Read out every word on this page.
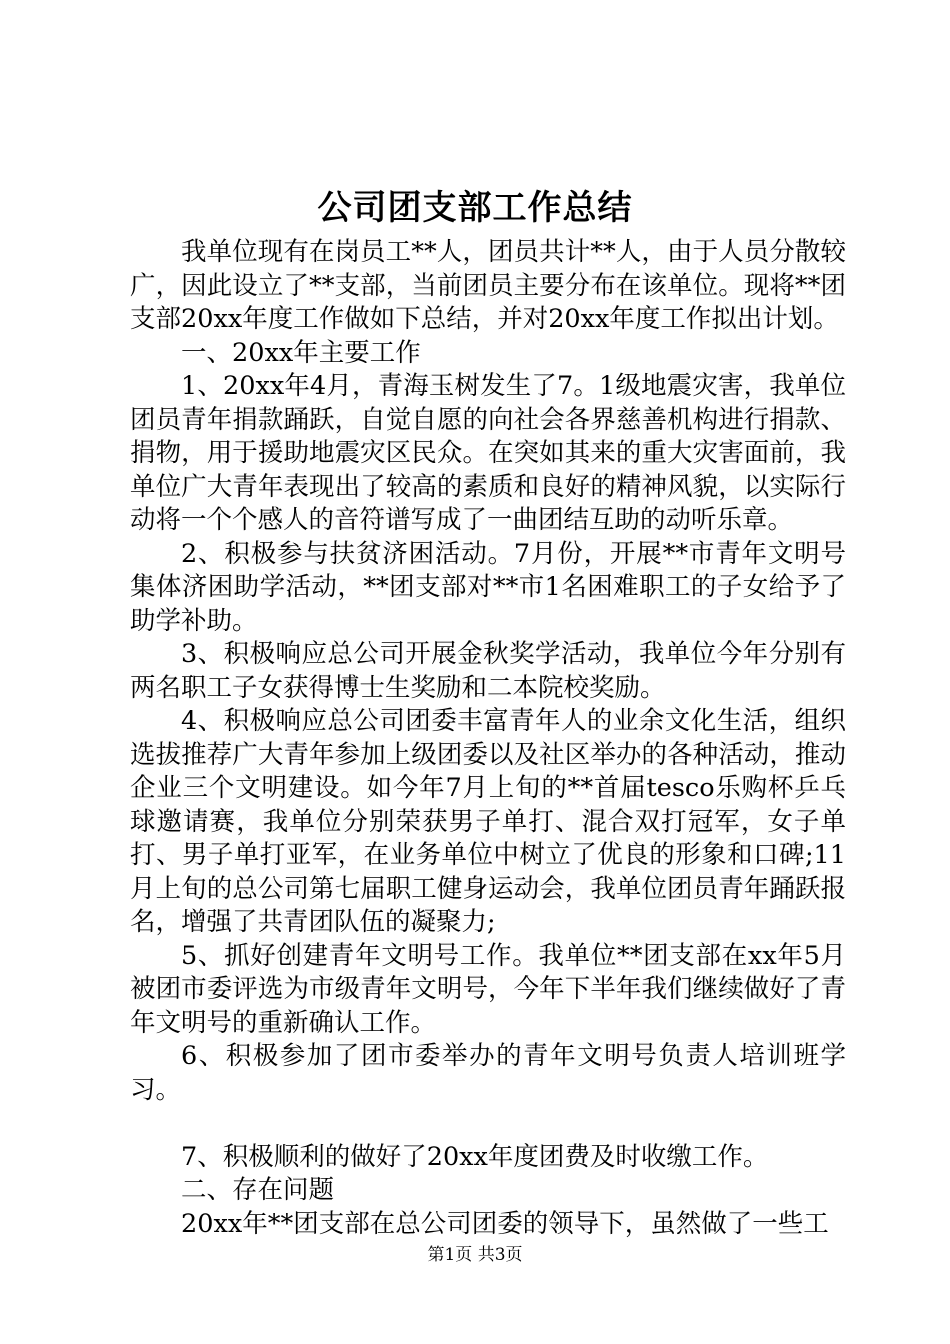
公司团支部工作总结

我单位现有在岗员工**人，团员共计**人，由于人员分散较广，因此设立了**支部，当前团员主要分布在该单位。现将**团支部20xx年度工作做如下总结，并对20xx年度工作拟出计划。

一、20xx年主要工作

1、20xx年4月，青海玉树发生了7。1级地震灾害，我单位团员青年捐款踊跃，自觉自愿的向社会各界慈善机构进行捐款、捐物，用于援助地震灾区民众。在突如其来的重大灾害面前，我单位广大青年表现出了较高的素质和良好的精神风貌，以实际行动将一个个感人的音符谱写成了一曲团结互助的动听乐章。

2、积极参与扶贫济困活动。7月份，开展**市青年文明号集体济困助学活动，**团支部对**市1名困难职工的子女给予了助学补助。

3、积极响应总公司开展金秋奖学活动，我单位今年分别有两名职工子女获得博士生奖励和二本院校奖励。

4、积极响应总公司团委丰富青年人的业余文化生活，组织选拔推荐广大青年参加上级团委以及社区举办的各种活动，推动企业三个文明建设。如今年7月上旬的**首届tesco乐购杯乒乓球邀请赛，我单位分别荣获男子单打、混合双打冠军，女子单打、男子单打亚军，在业务单位中树立了优良的形象和口碑;11月上旬的总公司第七届职工健身运动会，我单位团员青年踊跃报名，增强了共青团队伍的凝聚力;

5、抓好创建青年文明号工作。我单位**团支部在xx年5月被团市委评选为市级青年文明号，今年下半年我们继续做好了青年文明号的重新确认工作。

6、积极参加了团市委举办的青年文明号负责人培训班学习。

7、积极顺利的做好了20xx年度团费及时收缴工作。

二、存在问题

20xx年**团支部在总公司团委的领导下，虽然做了一些工

第1页 共3页
